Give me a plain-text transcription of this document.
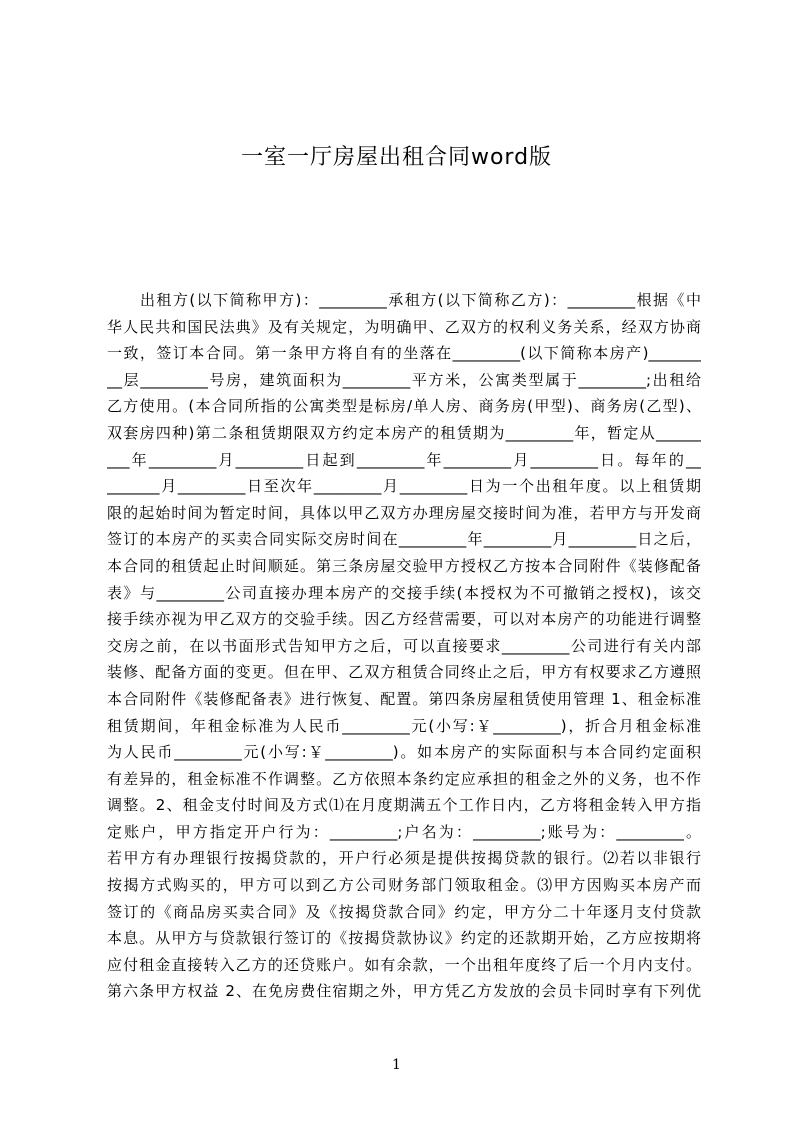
一室一厅房屋出租合同word版
　　出租方(以下简称甲方)：_________承租方(以下简称乙方)：_________根据《中
华人民共和国民法典》及有关规定，为明确甲、乙双方的权利义务关系，经双方协商
一致，签订本合同。第一条甲方将自有的坐落在_________(以下简称本房产)_______
__层_________号房，建筑面积为_________平方米，公寓类型属于_________;出租给
乙方使用。(本合同所指的公寓类型是标房/单人房、商务房(甲型)、商务房(乙型)、
双套房四种)第二条租赁期限双方约定本房产的租赁期为_________年，暂定从______
___年_________月_________日起到_________年_________月_________日。每年的__
_______月_________日至次年_________月_________日为一个出租年度。以上租赁期
限的起始时间为暂定时间，具体以甲乙双方办理房屋交接时间为准，若甲方与开发商
签订的本房产的买卖合同实际交房时间在_________年_________月_________日之后，
本合同的租赁起止时间顺延。第三条房屋交验甲方授权乙方按本合同附件《装修配备
表》与_________公司直接办理本房产的交接手续(本授权为不可撤销之授权)，该交
接手续亦视为甲乙双方的交验手续。因乙方经营需要，可以对本房产的功能进行调整
交房之前，在以书面形式告知甲方之后，可以直接要求_________公司进行有关内部
装修、配备方面的变更。但在甲、乙双方租赁合同终止之后，甲方有权要求乙方遵照
本合同附件《装修配备表》进行恢复、配置。第四条房屋租赁使用管理 1、租金标准
租赁期间，年租金标准为人民币_________元(小写:￥_________)，折合月租金标准
为人民币_________元(小写:￥_________)。如本房产的实际面积与本合同约定面积
有差异的，租金标准不作调整。乙方依照本条约定应承担的租金之外的义务，也不作
调整。2、租金支付时间及方式⑴在月度期满五个工作日内，乙方将租金转入甲方指
定账户，甲方指定开户行为：_________;户名为：_________;账号为：_________。
若甲方有办理银行按揭贷款的，开户行必须是提供按揭贷款的银行。⑵若以非银行
按揭方式购买的，甲方可以到乙方公司财务部门领取租金。⑶甲方因购买本房产而
签订的《商品房买卖合同》及《按揭贷款合同》约定，甲方分二十年逐月支付贷款
本息。从甲方与贷款银行签订的《按揭贷款协议》约定的还款期开始，乙方应按期将
应付租金直接转入乙方的还贷账户。如有余款，一个出租年度终了后一个月内支付。
第六条甲方权益 2、在免房费住宿期之外，甲方凭乙方发放的会员卡同时享有下列优
1
